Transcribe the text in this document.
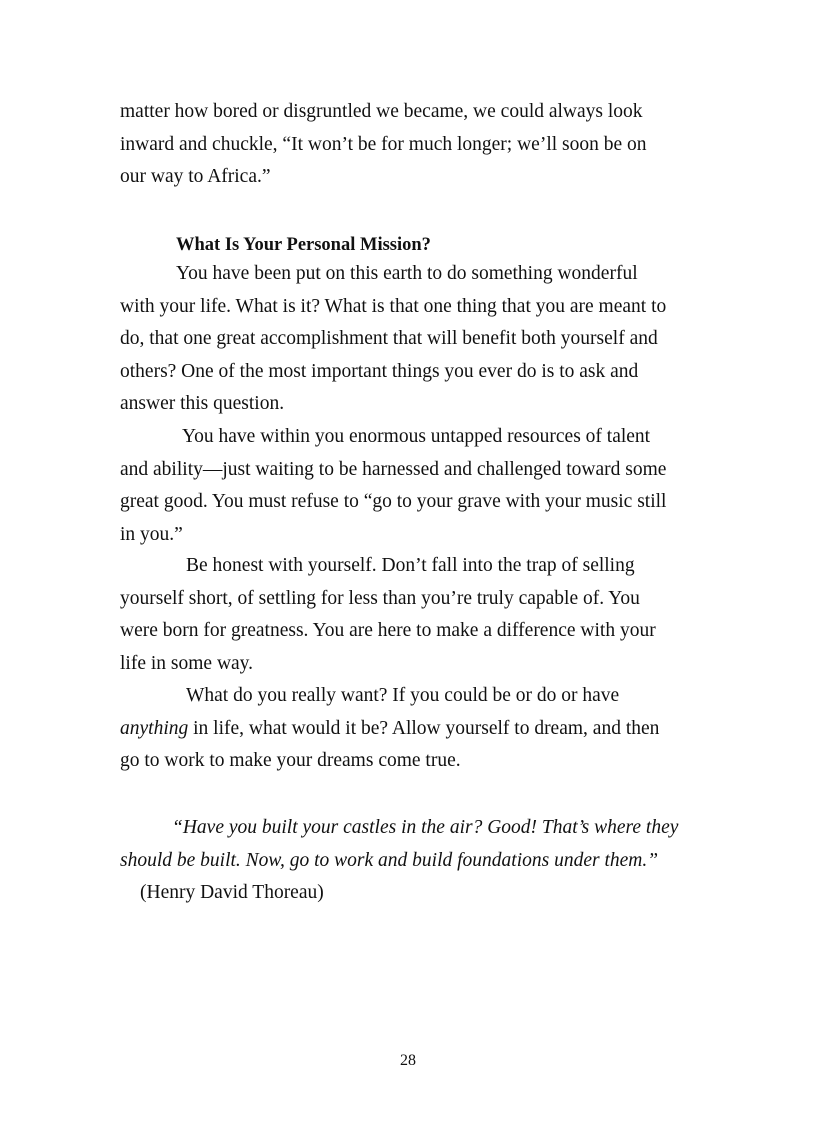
matter how bored or disgruntled we became, we could always look

inward and chuckle, “It won’t be for much longer; we’ll soon be on

our way to Africa.”

What Is Your Personal Mission?

You have been put on this earth to do something wonderful

with your life. What is it? What is that one thing that you are meant to

do, that one great accomplishment that will benefit both yourself and

others? One of the most important things you ever do is to ask and

answer this question.

You have within you enormous untapped resources of talent

and ability—just waiting to be harnessed and challenged toward some

great good. You must refuse to “go to your grave with your music still

in you.”

Be honest with yourself. Don’t fall into the trap of selling

yourself short, of settling for less than you’re truly capable of. You

were born for greatness. You are here to make a difference with your

life in some way.

What do you really want? If you could be or do or have

anything in life, what would it be? Allow yourself to dream, and then

go to work to make your dreams come true.

“Have you built your castles in the air? Good! That’s where they

should be built. Now, go to work and build foundations under them.”

(Henry David Thoreau)

28
